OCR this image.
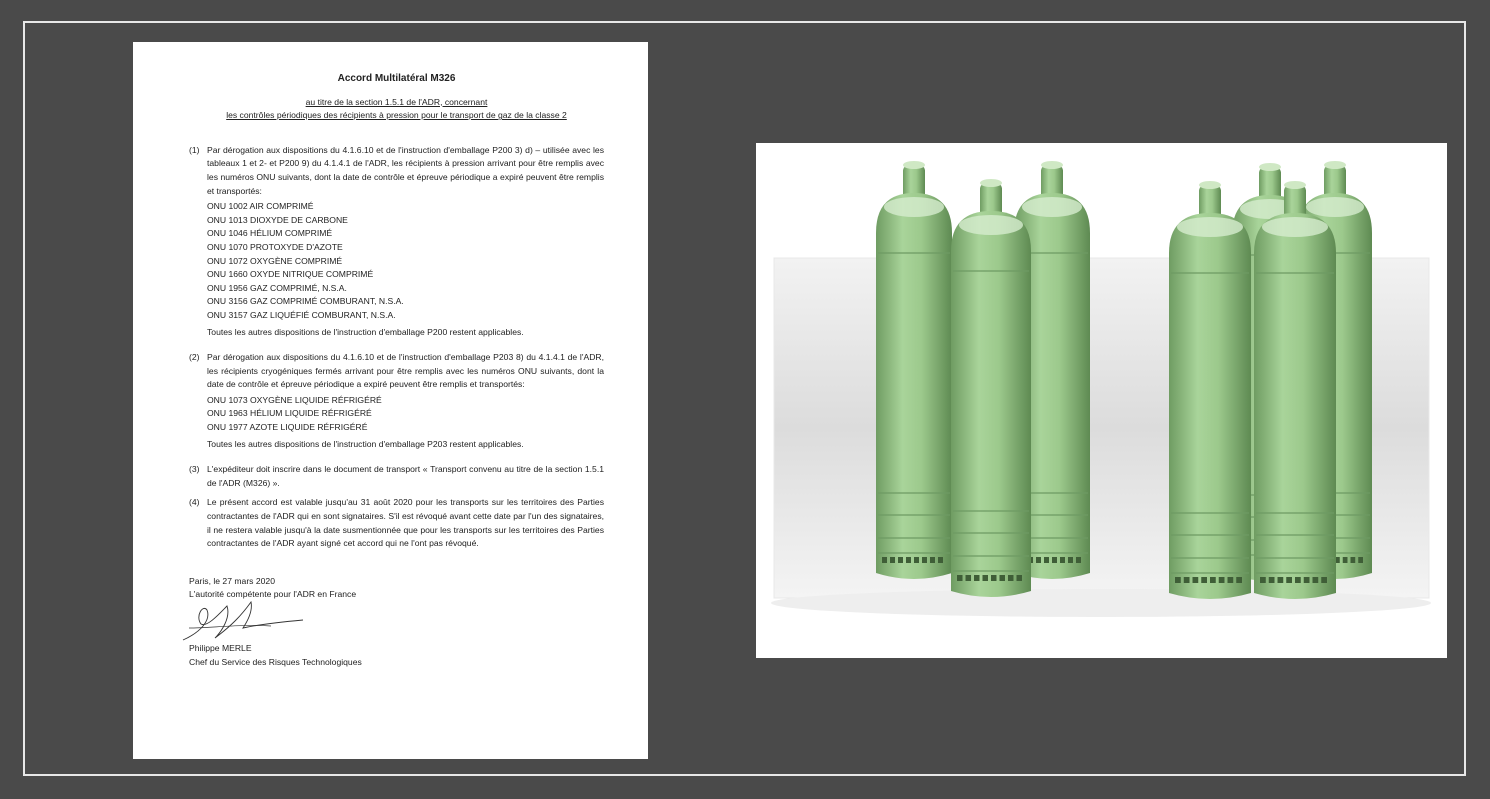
Accord Multilatéral M326
au titre de la section 1.5.1 de l'ADR, concernant
les contrôles périodiques des récipients à pression pour le transport de gaz de la classe 2
(1) Par dérogation aux dispositions du 4.1.6.10 et de l'instruction d'emballage P200 3) d) – utilisée avec les tableaux 1 et 2- et P200 9) du 4.1.4.1 de l'ADR, les récipients à pression arrivant pour être remplis avec les numéros ONU suivants, dont la date de contrôle et épreuve périodique a expiré peuvent être remplis et transportés:
ONU 1002 AIR COMPRIMÉ
ONU 1013 DIOXYDE DE CARBONE
ONU 1046 HÉLIUM COMPRIMÉ
ONU 1070 PROTOXYDE D'AZOTE
ONU 1072 OXYGÈNE COMPRIMÉ
ONU 1660 OXYDE NITRIQUE COMPRIMÉ
ONU 1956 GAZ COMPRIMÉ, N.S.A.
ONU 3156 GAZ COMPRIMÉ COMBURANT, N.S.A.
ONU 3157 GAZ LIQUÉFIÉ COMBURANT, N.S.A.
Toutes les autres dispositions de l'instruction d'emballage P200 restent applicables.
(2) Par dérogation aux dispositions du 4.1.6.10 et de l'instruction d'emballage P203 8) du 4.1.4.1 de l'ADR, les récipients cryogéniques fermés arrivant pour être remplis avec les numéros ONU suivants, dont la date de contrôle et épreuve périodique a expiré peuvent être remplis et transportés:
ONU 1073 OXYGÈNE LIQUIDE RÉFRIGÉRÉ
ONU 1963 HÉLIUM LIQUIDE RÉFRIGÉRÉ
ONU 1977 AZOTE LIQUIDE RÉFRIGÉRÉ
Toutes les autres dispositions de l'instruction d'emballage P203 restent applicables.
(3) L'expéditeur doit inscrire dans le document de transport « Transport convenu au titre de la section 1.5.1 de l'ADR (M326) ».
(4) Le présent accord est valable jusqu'au 31 août 2020 pour les transports sur les territoires des Parties contractantes de l'ADR qui en sont signataires. S'il est révoqué avant cette date par l'un des signataires, il ne restera valable jusqu'à la date susmentionnée que pour les transports sur les territoires des Parties contractantes de l'ADR ayant signé cet accord qui ne l'ont pas révoqué.
Paris, le 27 mars 2020
L'autorité compétente pour l'ADR en France
Philippe MERLE
Chef du Service des Risques Technologiques
